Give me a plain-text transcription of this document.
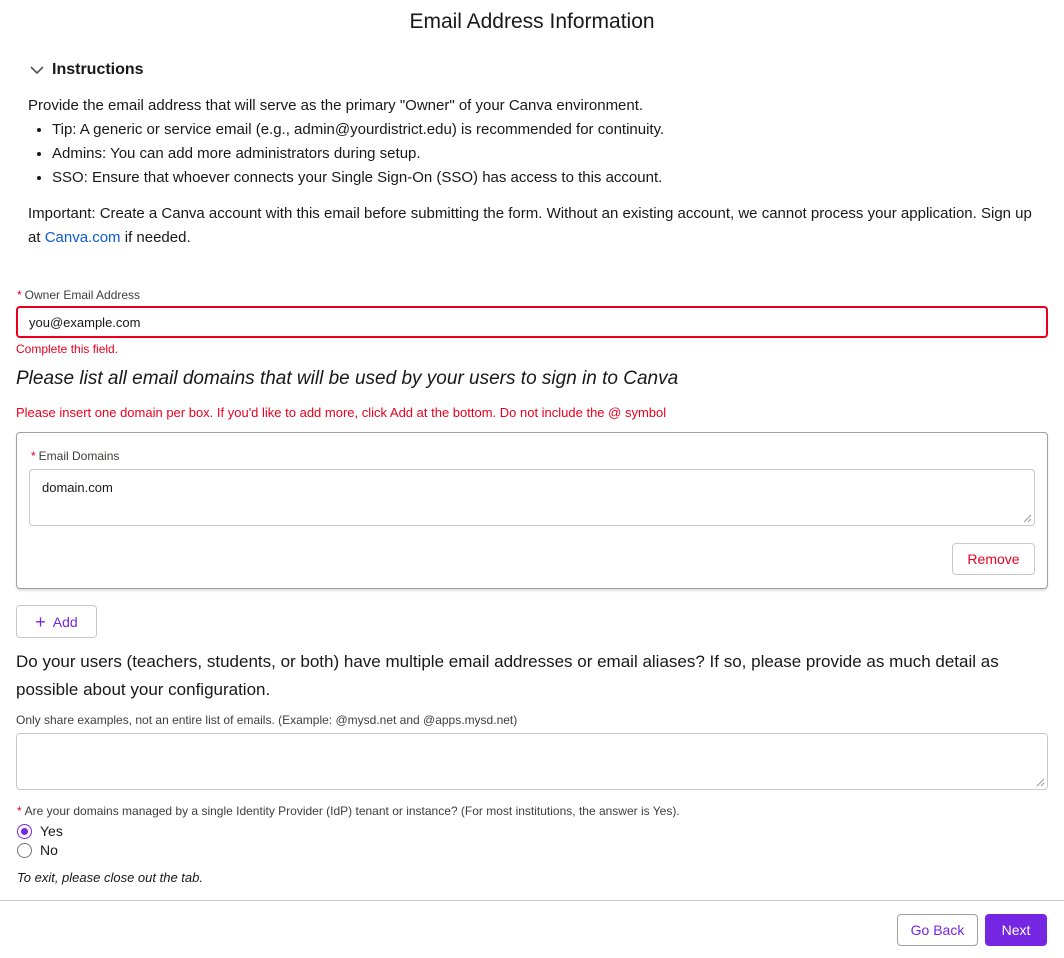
Email Address Information
Instructions

Provide the email address that will serve as the primary "Owner" of your Canva environment.

• Tip: A generic or service email (e.g., admin@yourdistrict.edu) is recommended for continuity.
• Admins: You can add more administrators during setup.
• SSO: Ensure that whoever connects your Single Sign-On (SSO) has access to this account.

Important: Create a Canva account with this email before submitting the form. Without an existing account, we cannot process your application. Sign up at Canva.com if needed.

* Owner Email Address
you@example.com
Complete this field.
Please list all email domains that will be used by your users to sign in to Canva
Please insert one domain per box. If you'd like to add more, click Add at the bottom. Do not include the @ symbol
* Email Domains
domain.com
Remove
+ Add
Do your users (teachers, students, or both) have multiple email addresses or email aliases? If so, please provide as much detail as possible about your configuration.
Only share examples, not an entire list of emails. (Example: @mysd.net and @apps.mysd.net)
* Are your domains managed by a single Identity Provider (IdP) tenant or instance? (For most institutions, the answer is Yes).
Yes
No
To exit, please close out the tab.
Go Back	Next
